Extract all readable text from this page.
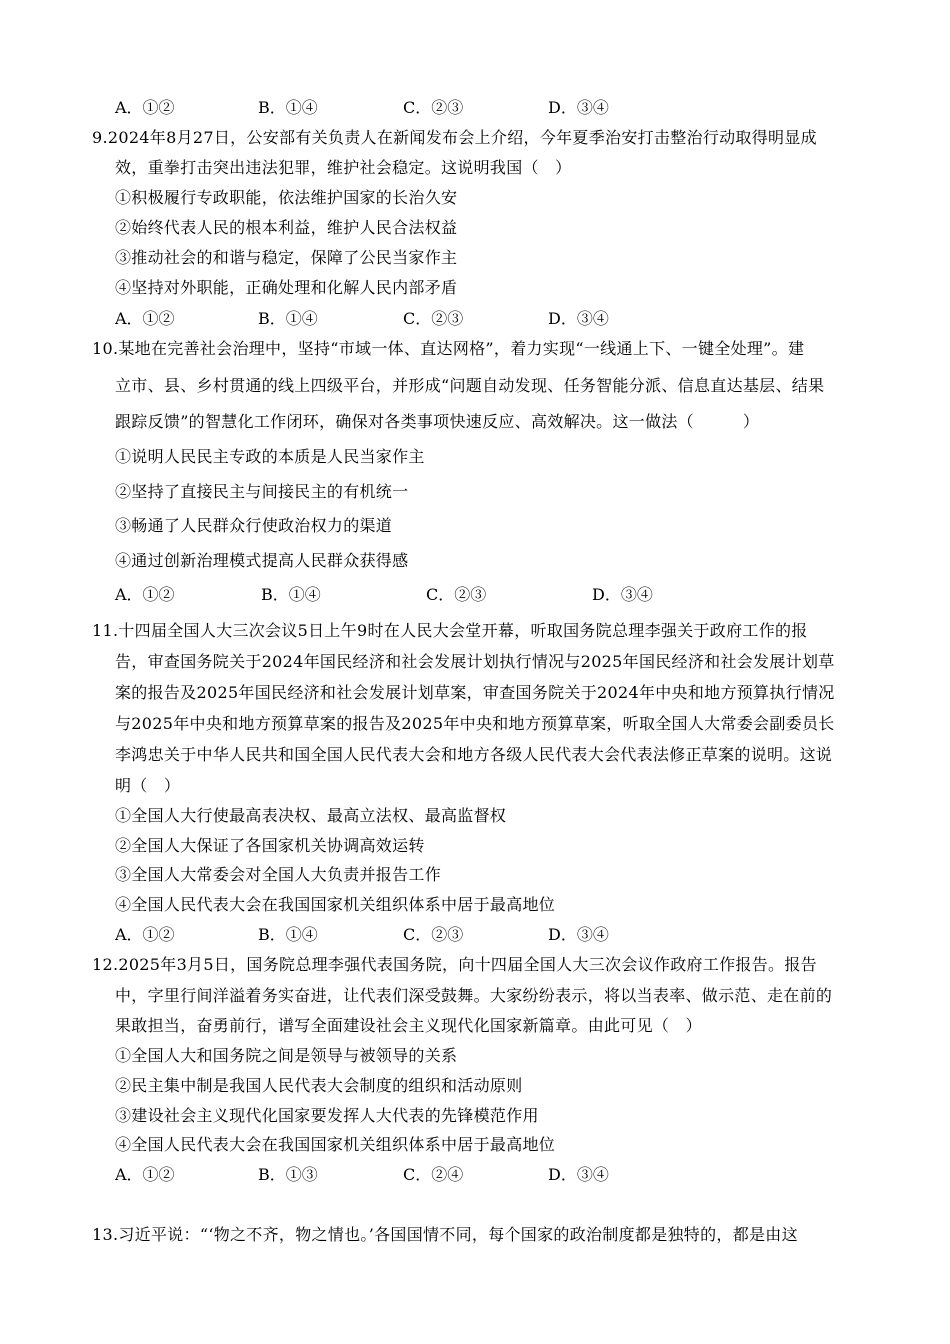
A．①②	B．①④	C．②③	D．③④
9.2024年8月27日，公安部有关负责人在新闻发布会上介绍，今年夏季治安打击整治行动取得明显成
效，重拳打击突出违法犯罪，维护社会稳定。这说明我国（　）
①积极履行专政职能，依法维护国家的长治久安
②始终代表人民的根本利益，维护人民合法权益
③推动社会的和谐与稳定，保障了公民当家作主
④坚持对外职能，正确处理和化解人民内部矛盾
A．①②	B．①④	C．②③	D．③④
10.某地在完善社会治理中，坚持“市域一体、直达网格”，着力实现“一线通上下、一键全处理”。建
立市、县、乡村贯通的线上四级平台，并形成“问题自动发现、任务智能分派、信息直达基层、结果
跟踪反馈”的智慧化工作闭环，确保对各类事项快速反应、高效解决。这一做法（　　　）
①说明人民民主专政的本质是人民当家作主
②坚持了直接民主与间接民主的有机统一
③畅通了人民群众行使政治权力的渠道
④通过创新治理模式提高人民群众获得感
A．①②	B．①④	C．②③	D．③④
11.十四届全国人大三次会议5日上午9时在人民大会堂开幕，听取国务院总理李强关于政府工作的报
告，审查国务院关于2024年国民经济和社会发展计划执行情况与2025年国民经济和社会发展计划草
案的报告及2025年国民经济和社会发展计划草案，审查国务院关于2024年中央和地方预算执行情况
与2025年中央和地方预算草案的报告及2025年中央和地方预算草案，听取全国人大常委会副委员长
李鸿忠关于中华人民共和国全国人民代表大会和地方各级人民代表大会代表法修正草案的说明。这说
明（　）
①全国人大行使最高表决权、最高立法权、最高监督权
②全国人大保证了各国家机关协调高效运转
③全国人大常委会对全国人大负责并报告工作
④全国人民代表大会在我国国家机关组织体系中居于最高地位
A．①②	B．①④	C．②③	D．③④
12.2025年3月5日，国务院总理李强代表国务院，向十四届全国人大三次会议作政府工作报告。报告
中，字里行间洋溢着务实奋进，让代表们深受鼓舞。大家纷纷表示，将以当表率、做示范、走在前的
果敢担当，奋勇前行，谱写全面建设社会主义现代化国家新篇章。由此可见（　）
①全国人大和国务院之间是领导与被领导的关系
②民主集中制是我国人民代表大会制度的组织和活动原则
③建设社会主义现代化国家要发挥人大代表的先锋模范作用
④全国人民代表大会在我国国家机关组织体系中居于最高地位
A．①②	B．①③	C．②④	D．③④
13.习近平说：“‘物之不齐，物之情也。’各国国情不同，每个国家的政治制度都是独特的，都是由这
